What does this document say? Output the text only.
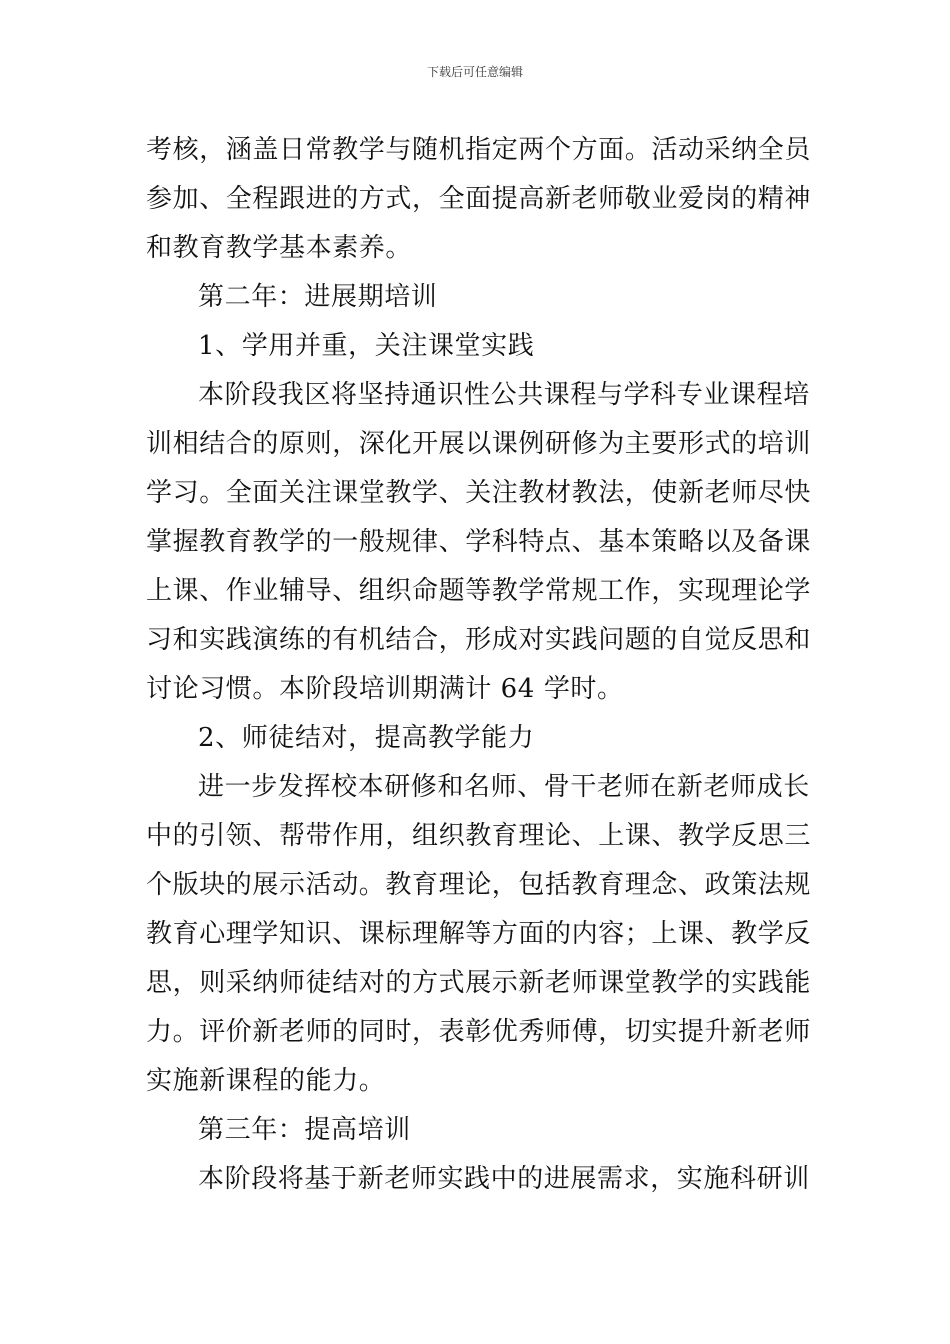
下载后可任意编辑
考核，涵盖日常教学与随机指定两个方面。活动采纳全员
参加、全程跟进的方式，全面提高新老师敬业爱岗的精神
和教育教学基本素养。
第二年：进展期培训
1、学用并重，关注课堂实践
本阶段我区将坚持通识性公共课程与学科专业课程培
训相结合的原则，深化开展以课例研修为主要形式的培训
学习。全面关注课堂教学、关注教材教法，使新老师尽快
掌握教育教学的一般规律、学科特点、基本策略以及备课
上课、作业辅导、组织命题等教学常规工作，实现理论学
习和实践演练的有机结合，形成对实践问题的自觉反思和
讨论习惯。本阶段培训期满计 64 学时。
2、师徒结对，提高教学能力
进一步发挥校本研修和名师、骨干老师在新老师成长
中的引领、帮带作用，组织教育理论、上课、教学反思三
个版块的展示活动。教育理论，包括教育理念、政策法规
教育心理学知识、课标理解等方面的内容；上课、教学反
思，则采纳师徒结对的方式展示新老师课堂教学的实践能
力。评价新老师的同时，表彰优秀师傅，切实提升新老师
实施新课程的能力。
第三年：提高培训
本阶段将基于新老师实践中的进展需求，实施科研训
